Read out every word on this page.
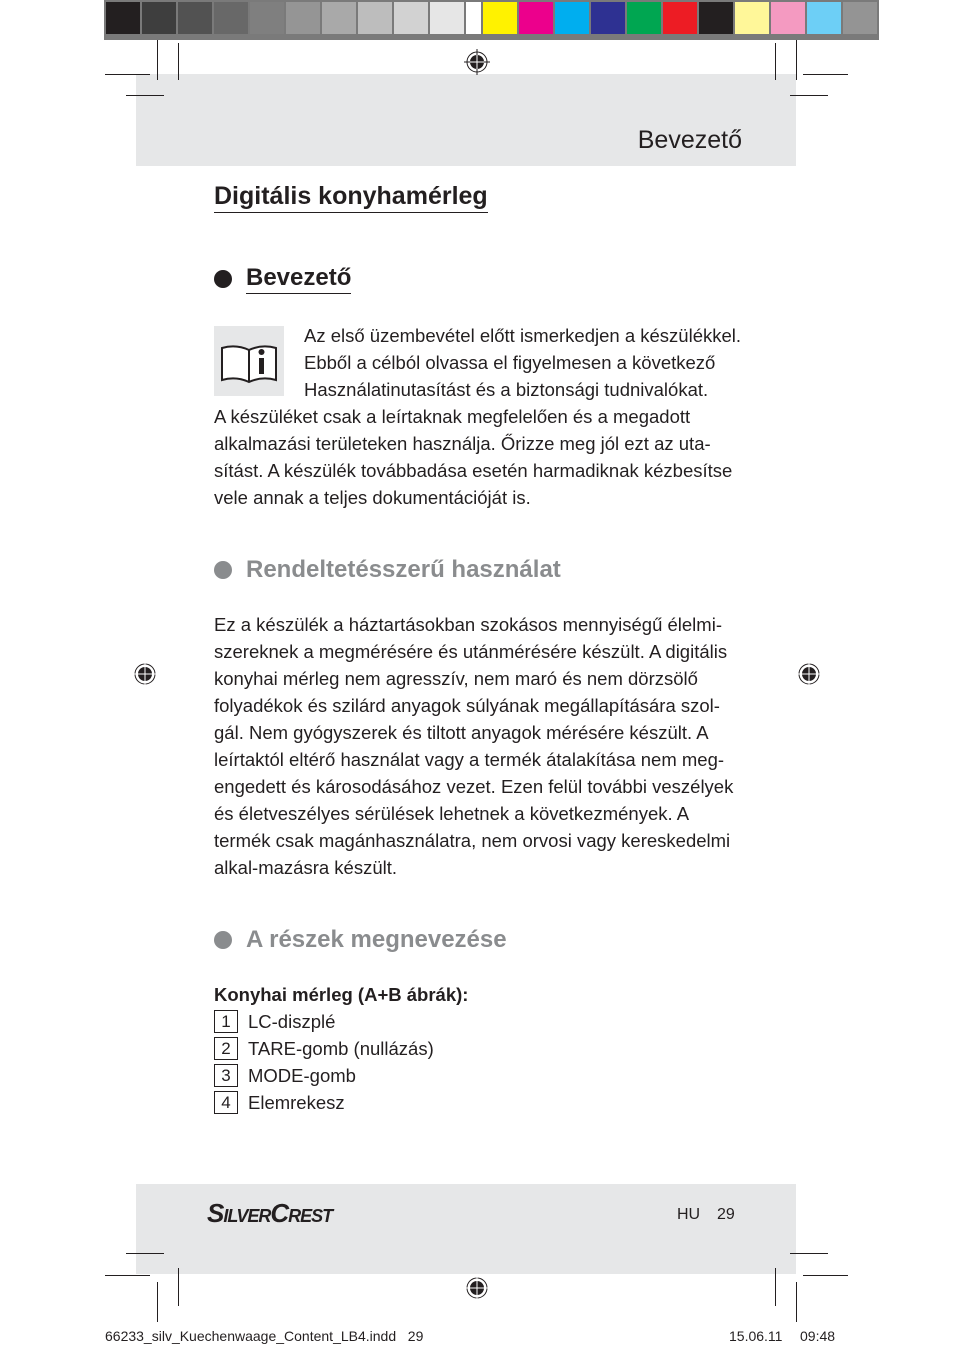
Bevezető
Digitális konyhamérleg
Bevezető
Az első üzembevétel előtt ismerkedjen a készülékkel.
Ebből a célból olvassa el figyelmesen a következő
Használatinutasítást és a biztonsági tudnivalókat.
A készüléket csak a leírtaknak megfelelően és a megadott alkalmazási területeken használja. Őrizze meg jól ezt az uta-sítást. A készülék továbbadása esetén harmadiknak kézbesítse vele annak a teljes dokumentációját is.
Rendeltetésszerű használat
Ez a készülék a háztartásokban szokásos mennyiségű élelmi-szereknek a megmérésére és utánmérésére készült. A digitális konyhai mérleg nem agresszív, nem maró és nem dörzsölő folyadékok és szilárd anyagok súlyának megállapítására szol-gál. Nem gyógyszerek és tiltott anyagok mérésére készült. A leírtaktól eltérő használat vagy a termék átalakítása nem meg-engedett és károsodásához vezet. Ezen felül további veszélyek és életveszélyes sérülések lehetnek a következmények. A termék csak magánhasználatra, nem orvosi vagy kereskedelmi alkal-mazásra készült.
A részek megnevezése
Konyhai mérleg (A+B ábrák):
1 LC-diszplé
2 TARE-gomb (nullázás)
3 MODE-gomb
4 Elemrekesz
SilverCrest	HU 29
66233_silv_Kuechenwaage_Content_LB4.indd   29	15.06.11 09:48
